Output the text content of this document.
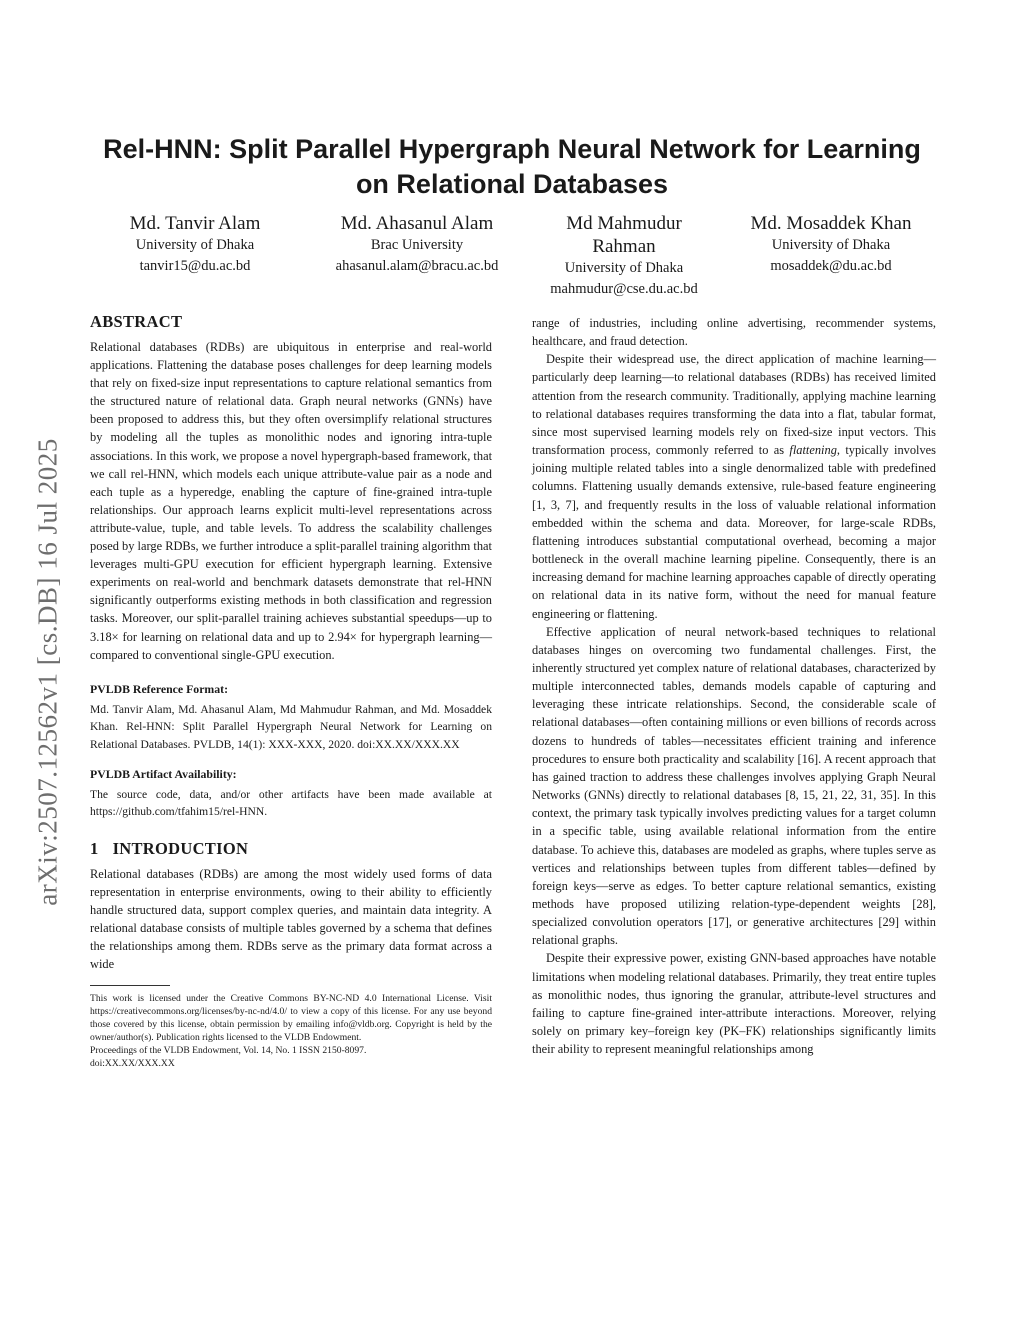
arXiv:2507.12562v1 [cs.DB] 16 Jul 2025
Rel-HNN: Split Parallel Hypergraph Neural Network for Learning on Relational Databases
Md. Tanvir Alam
University of Dhaka
tanvir15@du.ac.bd
Md. Ahasanul Alam
Brac University
ahasanul.alam@bracu.ac.bd
Md Mahmudur Rahman
University of Dhaka
mahmudur@cse.du.ac.bd
Md. Mosaddek Khan
University of Dhaka
mosaddek@du.ac.bd
ABSTRACT

Relational databases (RDBs) are ubiquitous in enterprise and real-world applications. Flattening the database poses challenges for deep learning models that rely on fixed-size input representations to capture relational semantics from the structured nature of relational data. Graph neural networks (GNNs) have been proposed to address this, but they often oversimplify relational structures by modeling all the tuples as monolithic nodes and ignoring intra-tuple associations. In this work, we propose a novel hypergraph-based framework, that we call rel-HNN, which models each unique attribute-value pair as a node and each tuple as a hyperedge, enabling the capture of fine-grained intra-tuple relationships. Our approach learns explicit multi-level representations across attribute-value, tuple, and table levels. To address the scalability challenges posed by large RDBs, we further introduce a split-parallel training algorithm that leverages multi-GPU execution for efficient hypergraph learning. Extensive experiments on real-world and benchmark datasets demonstrate that rel-HNN significantly outperforms existing methods in both classification and regression tasks. Moreover, our split-parallel training achieves substantial speedups—up to 3.18× for learning on relational data and up to 2.94× for hypergraph learning—compared to conventional single-GPU execution.

PVLDB Reference Format:

Md. Tanvir Alam, Md. Ahasanul Alam, Md Mahmudur Rahman, and Md. Mosaddek Khan. Rel-HNN: Split Parallel Hypergraph Neural Network for Learning on Relational Databases. PVLDB, 14(1): XXX-XXX, 2020. doi:XX.XX/XXX.XX

PVLDB Artifact Availability:

The source code, data, and/or other artifacts have been made available at https://github.com/tfahim15/rel-HNN.

1 INTRODUCTION

Relational databases (RDBs) are among the most widely used forms of data representation in enterprise environments, owing to their ability to efficiently handle structured data, support complex queries, and maintain data integrity. A relational database consists of multiple tables governed by a schema that defines the relationships among them. RDBs serve as the primary data format across a wide

This work is licensed under the Creative Commons BY-NC-ND 4.0 International License. Visit https://creativecommons.org/licenses/by-nc-nd/4.0/ to view a copy of this license. For any use beyond those covered by this license, obtain permission by emailing info@vldb.org. Copyright is held by the owner/author(s). Publication rights licensed to the VLDB Endowment.

Proceedings of the VLDB Endowment, Vol. 14, No. 1 ISSN 2150-8097.

doi:XX.XX/XXX.XX

range of industries, including online advertising, recommender systems, healthcare, and fraud detection.

Despite their widespread use, the direct application of machine learning—particularly deep learning—to relational databases (RDBs) has received limited attention from the research community. Traditionally, applying machine learning to relational databases requires transforming the data into a flat, tabular format, since most supervised learning models rely on fixed-size input vectors. This transformation process, commonly referred to as flattening, typically involves joining multiple related tables into a single denormalized table with predefined columns. Flattening usually demands extensive, rule-based feature engineering [1, 3, 7], and frequently results in the loss of valuable relational information embedded within the schema and data. Moreover, for large-scale RDBs, flattening introduces substantial computational overhead, becoming a major bottleneck in the overall machine learning pipeline. Consequently, there is an increasing demand for machine learning approaches capable of directly operating on relational data in its native form, without the need for manual feature engineering or flattening.

Effective application of neural network-based techniques to relational databases hinges on overcoming two fundamental challenges. First, the inherently structured yet complex nature of relational databases, characterized by multiple interconnected tables, demands models capable of capturing and leveraging these intricate relationships. Second, the considerable scale of relational databases—often containing millions or even billions of records across dozens to hundreds of tables—necessitates efficient training and inference procedures to ensure both practicality and scalability [16]. A recent approach that has gained traction to address these challenges involves applying Graph Neural Networks (GNNs) directly to relational databases [8, 15, 21, 22, 31, 35]. In this context, the primary task typically involves predicting values for a target column in a specific table, using available relational information from the entire database. To achieve this, databases are modeled as graphs, where tuples serve as vertices and relationships between tuples from different tables—defined by foreign keys—serve as edges. To better capture relational semantics, existing methods have proposed utilizing relation-type-dependent weights [28], specialized convolution operators [17], or generative architectures [29] within relational graphs.

Despite their expressive power, existing GNN-based approaches have notable limitations when modeling relational databases. Primarily, they treat entire tuples as monolithic nodes, thus ignoring the granular, attribute-level structures and failing to capture fine-grained inter-attribute interactions. Moreover, relying solely on primary key–foreign key (PK–FK) relationships significantly limits their ability to represent meaningful relationships among
